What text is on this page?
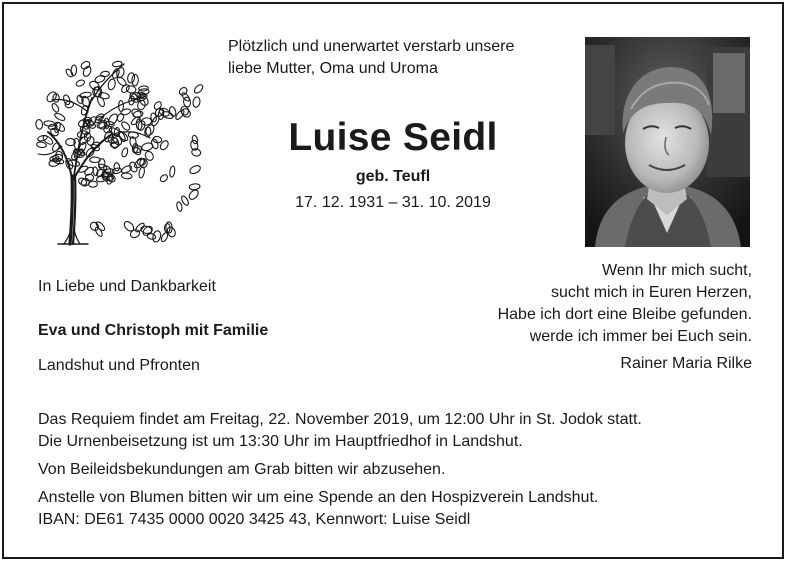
Plötzlich und unerwartet verstarb unsere
liebe Mutter, Oma und Uroma
Luise Seidl
geb. Teufl
17. 12. 1931 – 31. 10. 2019
In Liebe und Dankbarkeit
Eva und Christoph mit Familie
Landshut und Pfronten
Wenn Ihr mich sucht,
sucht mich in Euren Herzen,
Habe ich dort eine Bleibe gefunden.
werde ich immer bei Euch sein.
Rainer Maria Rilke
Das Requiem findet am Freitag, 22. November 2019, um 12:00 Uhr in St. Jodok statt.
Die Urnenbeisetzung ist um 13:30 Uhr im Hauptfriedhof in Landshut.
Von Beileidsbekundungen am Grab bitten wir abzusehen.
Anstelle von Blumen bitten wir um eine Spende an den Hospizverein Landshut.
IBAN: DE61 7435 0000 0020 3425 43, Kennwort: Luise Seidl
